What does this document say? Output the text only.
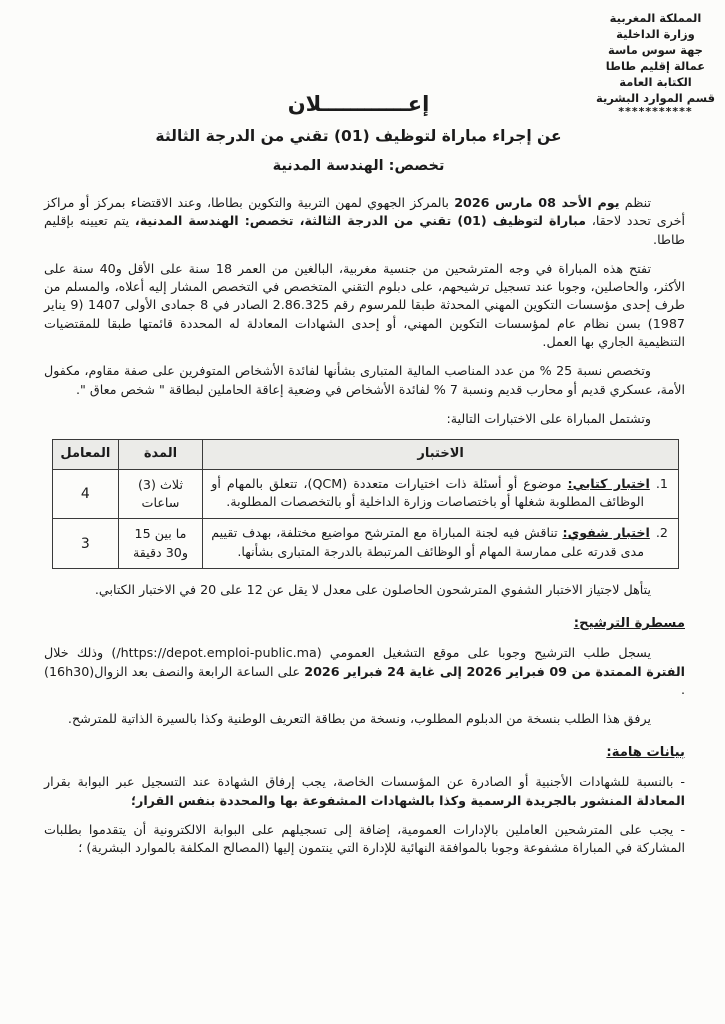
المملكة المغربية
وزارة الداخلية
جهة سوس ماسة
عمالة إقليم طاطا
الكتابة العامة
قسم الموارد البشرية
***********
إعــــــــــــلان
عن إجراء مباراة لتوظيف (01) تقني من الدرجة الثالثة
تخصص: الهندسة المدنية

تنظم يوم الأحد 08 مارس 2026 بالمركز الجهوي لمهن التربية والتكوين بطاطا، وعند الاقتضاء بمركز أو مراكز أخرى تحدد لاحقا، مباراة لتوظيف (01) تقني من الدرجة الثالثة، تخصص: الهندسة المدنية، يتم تعيينه بإقليم طاطا.

تفتح هذه المباراة في وجه المترشحين من جنسية مغربية، البالغين من العمر 18 سنة على الأقل و40 سنة على الأكثر، والحاصلين، وجوبا عند تسجيل ترشيحهم، على دبلوم التقني المتخصص في التخصص المشار إليه أعلاه، والمسلم من طرف إحدى مؤسسات التكوين المهني المحدثة طبقا للمرسوم رقم 2.86.325 الصادر في 8 جمادى الأولى 1407 (9 يناير 1987) بسن نظام عام لمؤسسات التكوين المهني، أو إحدى الشهادات المعادلة له المحددة قائمتها طبقا للمقتضيات التنظيمية الجاري بها العمل.

وتخصص نسبة 25 % من عدد المناصب المالية المتبارى بشأنها لفائدة الأشخاص المتوفرين على صفة مقاوم، مكفول الأمة، عسكري قديم أو محارب قديم ونسبة 7 % لفائدة الأشخاص في وضعية إعاقة الحاملين لبطاقة " شخص معاق ".

وتشتمل المباراة على الاختبارات التالية:

الاختبار	المدة	المعامل

1.اختبار كتابي: موضوع أو أسئلة ذات اختيارات متعددة (QCM)، تتعلق بالمهام أو الوظائف المطلوبة شغلها أو باختصاصات وزارة الداخلية أو بالتخصصات المطلوبة.	ثلاث (3) ساعات	4

2.اختبار شفوي: تناقش فيه لجنة المباراة مع المترشح مواضيع مختلفة، بهدف تقييم مدى قدرته على ممارسة المهام أو الوظائف المرتبطة بالدرجة المتبارى بشأنها.	ما بين 15 و30 دقيقة	3

يتأهل لاجتياز الاختبار الشفوي المترشحون الحاصلون على معدل لا يقل عن 12 على 20 في الاختبار الكتابي.

مسطرة الترشيح:

يسجل طلب الترشيح وجوبا على موقع التشغيل العمومي (https://depot.emploi-public.ma/) وذلك خلال الفترة الممتدة من 09 فبراير 2026 إلى غاية 24 فبراير 2026 على الساعة الرابعة والنصف بعد الزوال(16h30) .

يرفق هذا الطلب بنسخة من الدبلوم المطلوب، ونسخة من بطاقة التعريف الوطنية وكذا بالسيرة الذاتية للمترشح.

بيانات هامة:

- بالنسبة للشهادات الأجنبية أو الصادرة عن المؤسسات الخاصة، يجب إرفاق الشهادة عند التسجيل عبر البوابة بقرار المعادلة المنشور بالجريدة الرسمية وكذا بالشهادات المشفوعة بها والمحددة بنفس القرار؛

- يجب على المترشحين العاملين بالإدارات العمومية، إضافة إلى تسجيلهم على البوابة الالكترونية أن يتقدموا بطلبات المشاركة في المباراة مشفوعة وجوبا بالموافقة النهائية للإدارة التي ينتمون إليها (المصالح المكلفة بالموارد البشرية) ؛
